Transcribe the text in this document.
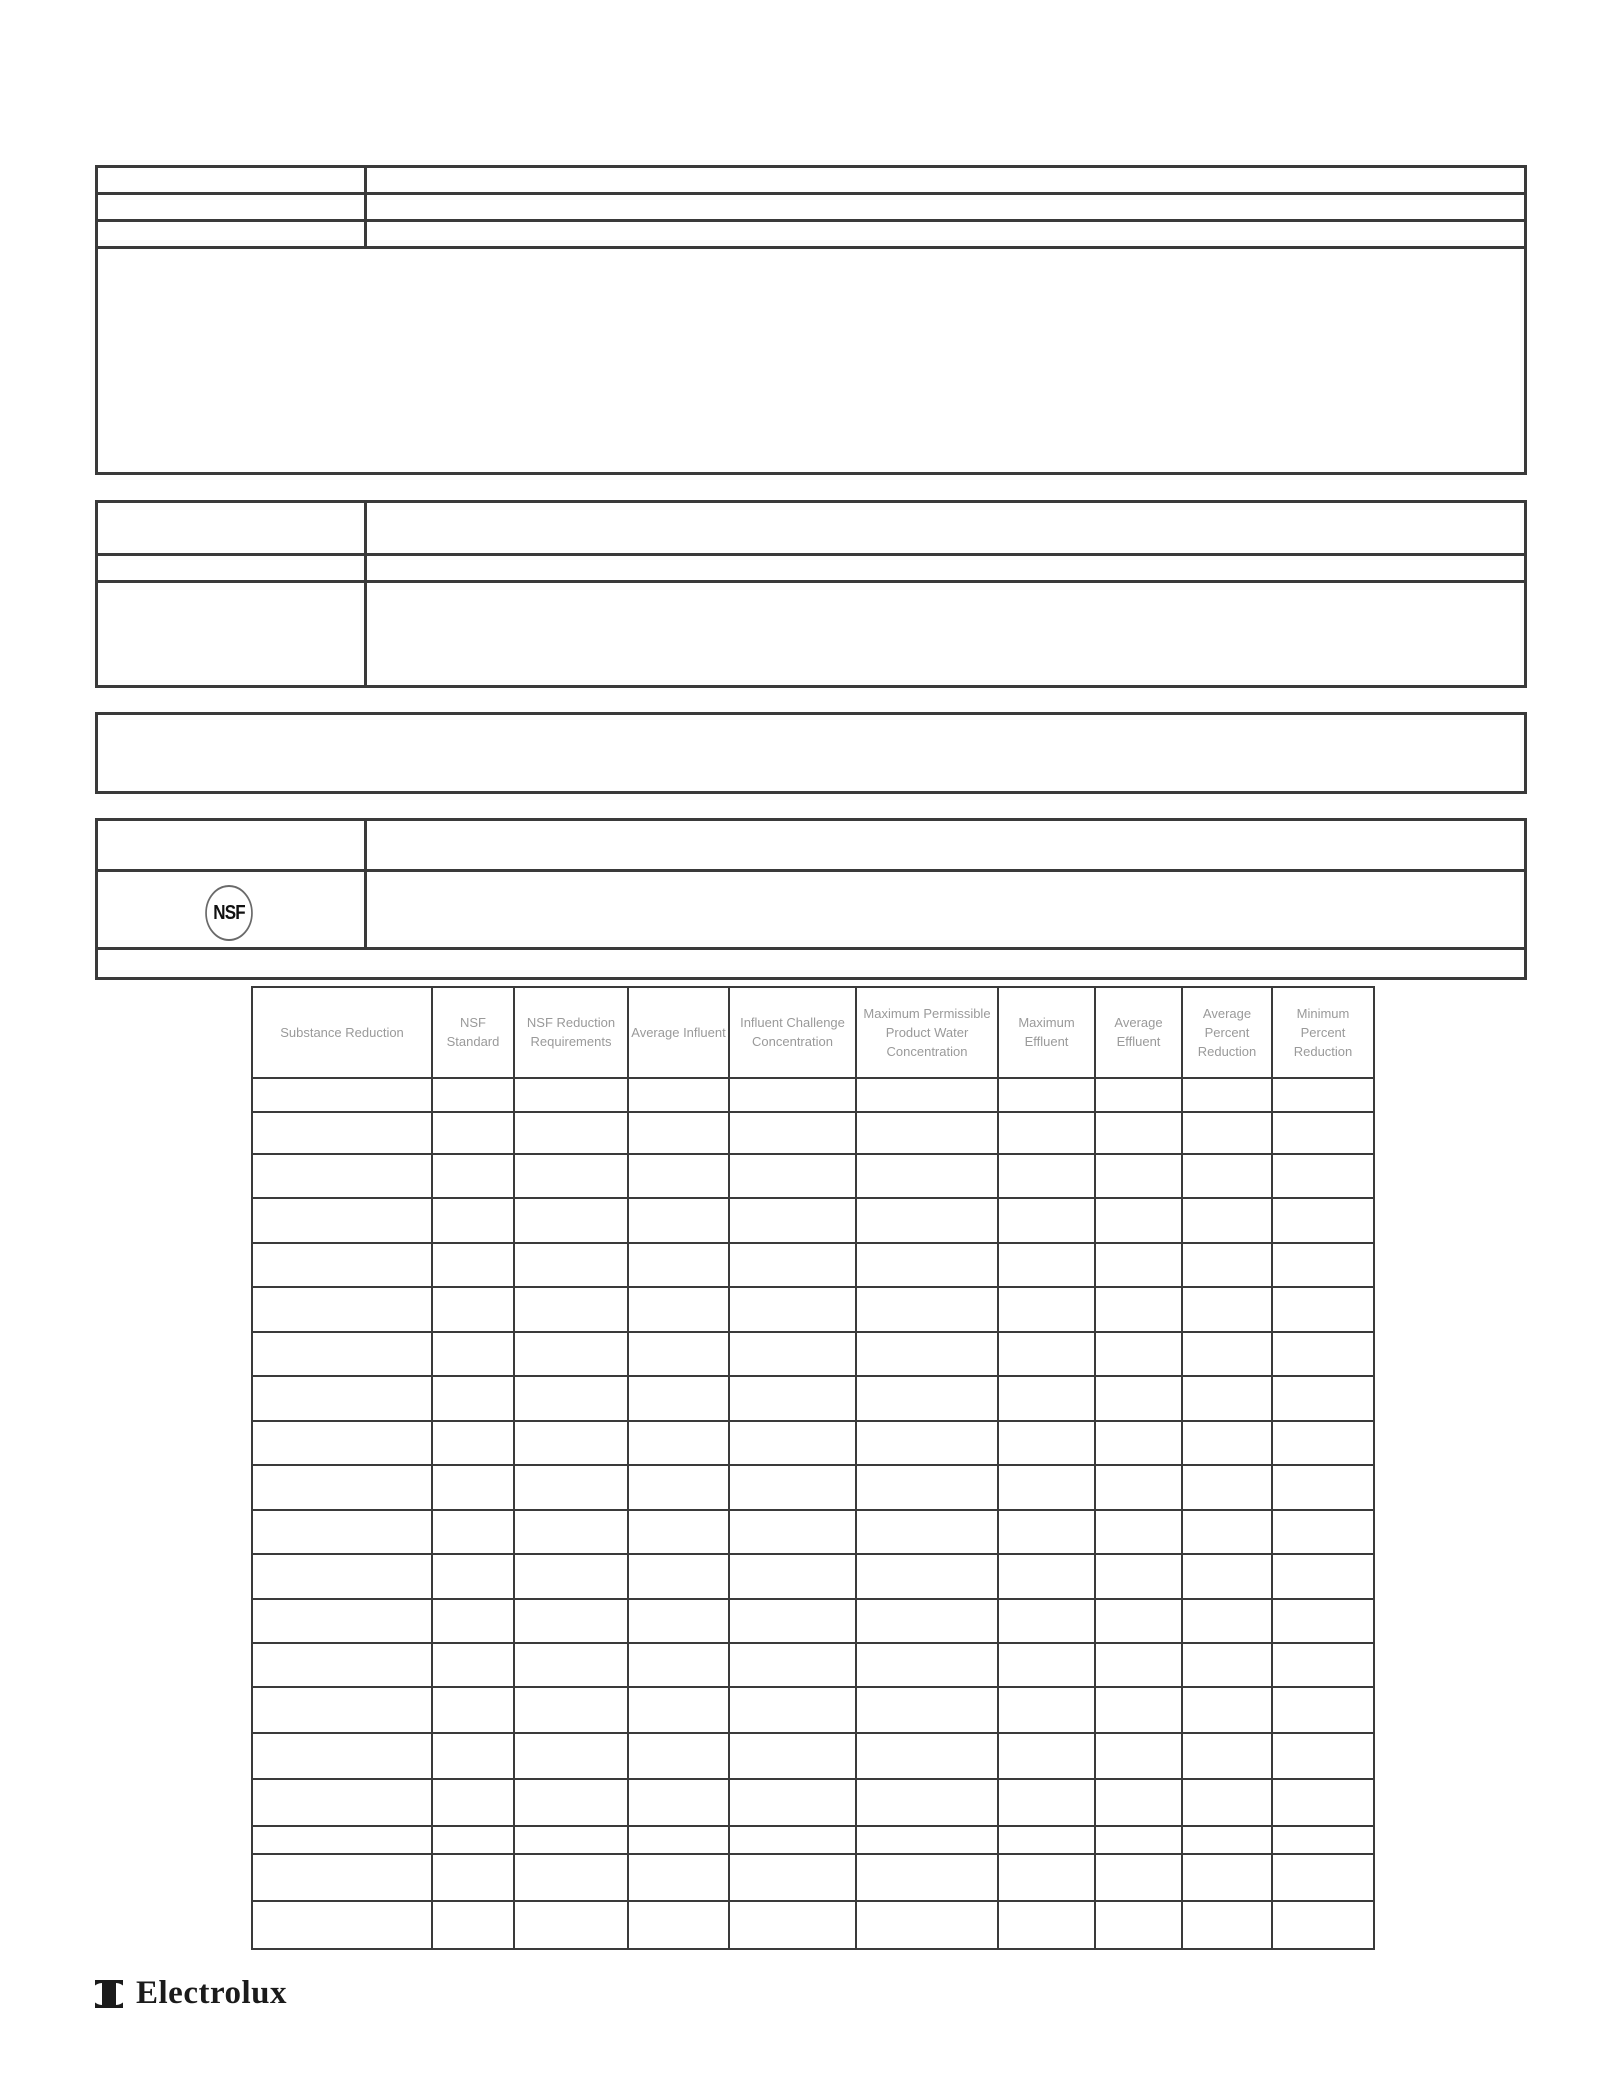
NSF
Substance Reduction	NSF Standard	NSF Reduction Requirements	Average Influent	Influent Challenge Concentration	Maximum Permissible Product Water Concentration	Maximum Effluent	Average Effluent	Average Percent Reduction	Minimum Percent Reduction

Electrolux
